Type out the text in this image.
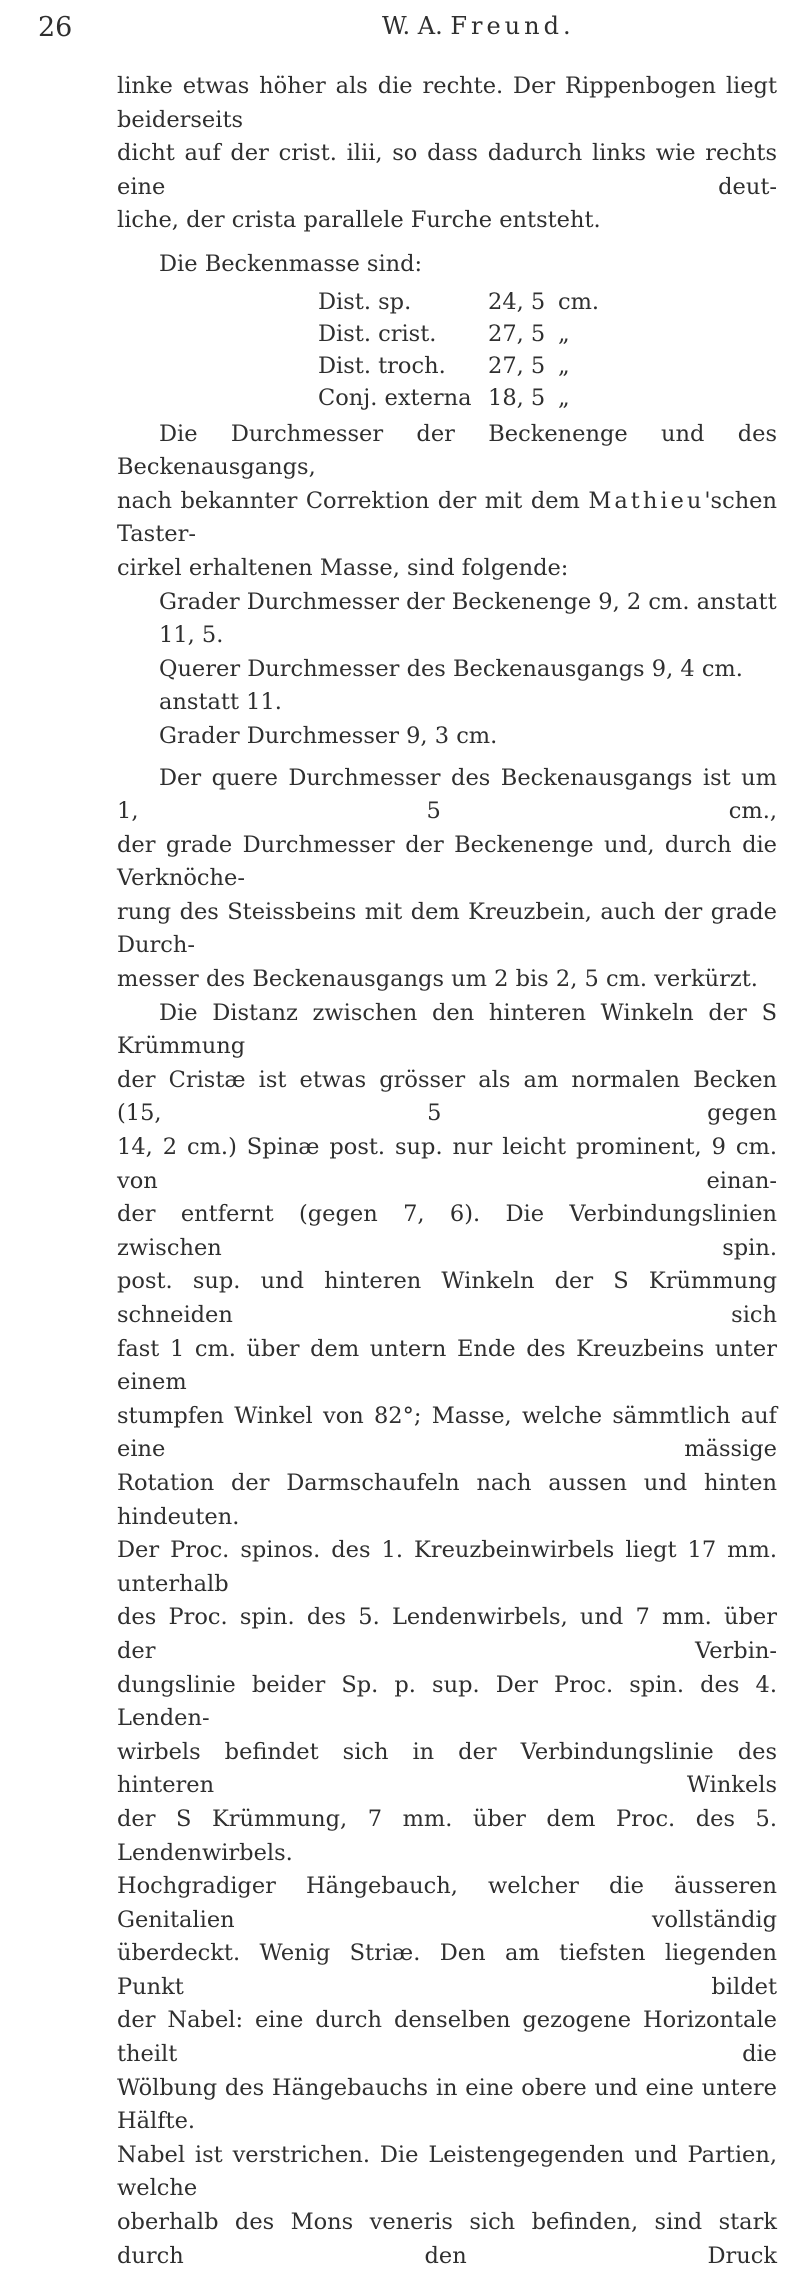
26	W. A. Freund.

linke etwas höher als die rechte. Der Rippenbogen liegt beiderseits
dicht auf der crist. ilii, so dass dadurch links wie rechts eine deut-
liche, der crista parallele Furche entsteht.

Die Beckenmasse sind:

Dist. sp.	24, 5 cm.
Dist. crist.	27, 5 „
Dist. troch.	27, 5 „
Conj. externa 18, 5 „

Die Durchmesser der Beckenenge und des Beckenausgangs,
nach bekannter Correktion der mit dem Mathieu'schen Taster-
cirkel erhaltenen Masse, sind folgende:

Grader Durchmesser der Beckenenge 9, 2 cm. anstatt 11, 5.
Querer Durchmesser des Beckenausgangs 9, 4 cm. anstatt 11.
Grader Durchmesser 9, 3 cm.

Der quere Durchmesser des Beckenausgangs ist um 1, 5 cm.,
der grade Durchmesser der Beckenenge und, durch die Verknöche-
rung des Steissbeins mit dem Kreuzbein, auch der grade Durch-
messer des Beckenausgangs um 2 bis 2, 5 cm. verkürzt.

Die Distanz zwischen den hinteren Winkeln der S Krümmung
der Cristæ ist etwas grösser als am normalen Becken (15, 5 gegen
14, 2 cm.) Spinæ post. sup. nur leicht prominent, 9 cm. von einan-
der entfernt (gegen 7, 6). Die Verbindungslinien zwischen spin.
post. sup. und hinteren Winkeln der S Krümmung schneiden sich
fast 1 cm. über dem untern Ende des Kreuzbeins unter einem
stumpfen Winkel von 82°; Masse, welche sämmtlich auf eine mässige
Rotation der Darmschaufeln nach aussen und hinten hindeuten.
Der Proc. spinos. des 1. Kreuzbeinwirbels liegt 17 mm. unterhalb
des Proc. spin. des 5. Lendenwirbels, und 7 mm. über der Verbin-
dungslinie beider Sp. p. sup. Der Proc. spin. des 4. Lenden-
wirbels befindet sich in der Verbindungslinie des hinteren Winkels
der S Krümmung, 7 mm. über dem Proc. des 5. Lendenwirbels.
Hochgradiger Hängebauch, welcher die äusseren Genitalien vollständig
überdeckt. Wenig Striæ. Den am tiefsten liegenden Punkt bildet
der Nabel: eine durch denselben gezogene Horizontale theilt die
Wölbung des Hängebauchs in eine obere und eine untere Hälfte.
Nabel ist verstrichen. Die Leistengegenden und Partien, welche
oberhalb des Mons veneris sich befinden, sind stark durch den Druck
